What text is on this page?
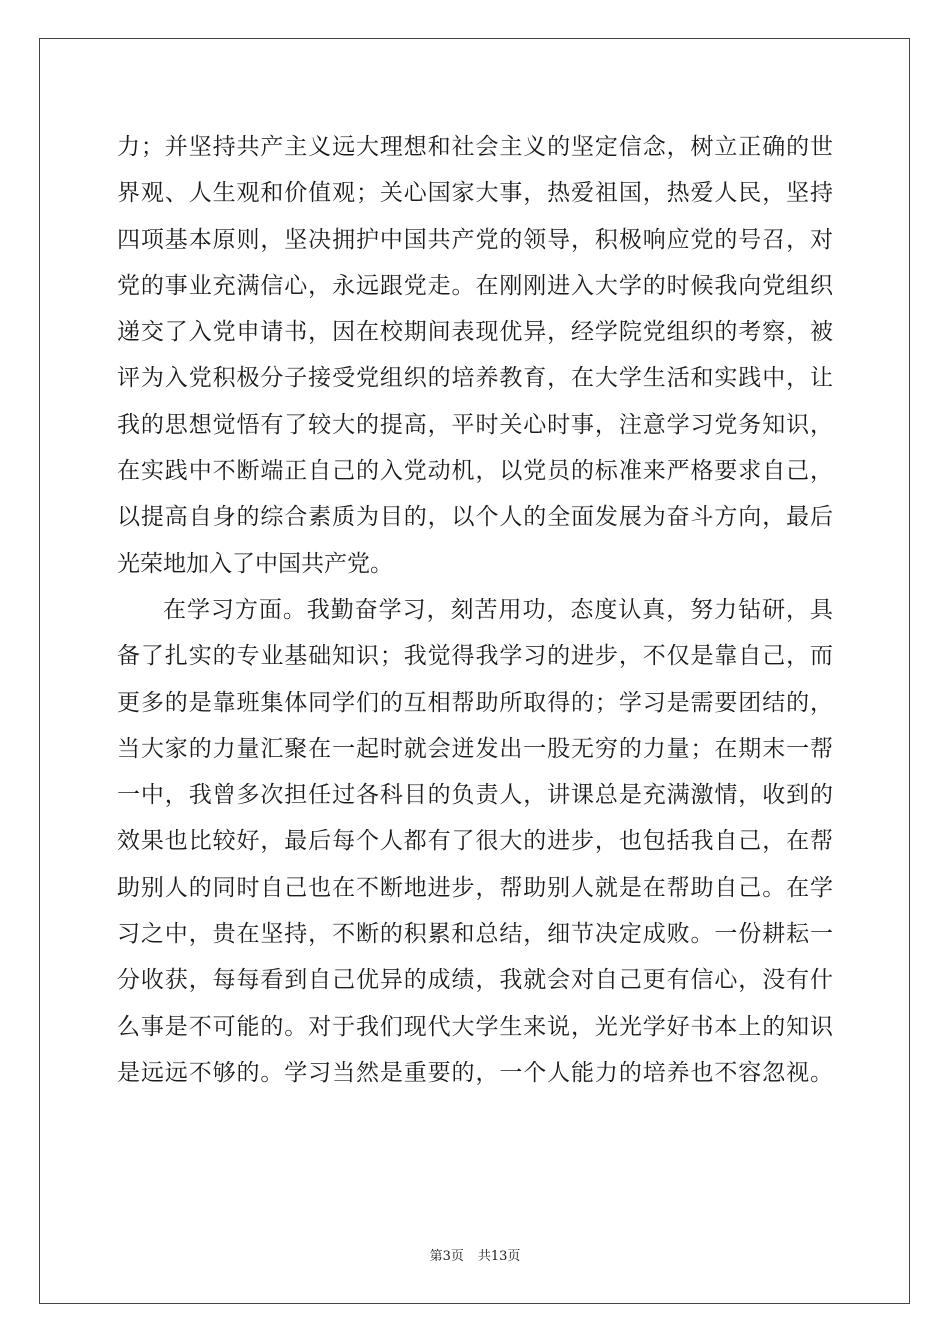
力；并坚持共产主义远大理想和社会主义的坚定信念，树立正确的世
界观、人生观和价值观；关心国家大事，热爱祖国，热爱人民，坚持
四项基本原则，坚决拥护中国共产党的领导，积极响应党的号召，对
党的事业充满信心，永远跟党走。在刚刚进入大学的时候我向党组织
递交了入党申请书，因在校期间表现优异，经学院党组织的考察，被
评为入党积极分子接受党组织的培养教育，在大学生活和实践中，让
我的思想觉悟有了较大的提高，平时关心时事，注意学习党务知识，
在实践中不断端正自己的入党动机，以党员的标准来严格要求自己，
以提高自身的综合素质为目的，以个人的全面发展为奋斗方向，最后
光荣地加入了中国共产党。
在学习方面。我勤奋学习，刻苦用功，态度认真，努力钻研，具
备了扎实的专业基础知识；我觉得我学习的进步，不仅是靠自己，而
更多的是靠班集体同学们的互相帮助所取得的；学习是需要团结的，
当大家的力量汇聚在一起时就会迸发出一股无穷的力量；在期末一帮
一中，我曾多次担任过各科目的负责人，讲课总是充满激情，收到的
效果也比较好，最后每个人都有了很大的进步，也包括我自己，在帮
助别人的同时自己也在不断地进步，帮助别人就是在帮助自己。在学
习之中，贵在坚持，不断的积累和总结，细节决定成败。一份耕耘一
分收获，每每看到自己优异的成绩，我就会对自己更有信心，没有什
么事是不可能的。对于我们现代大学生来说，光光学好书本上的知识
是远远不够的。学习当然是重要的，一个人能力的培养也不容忽视。
第3页 共13页
